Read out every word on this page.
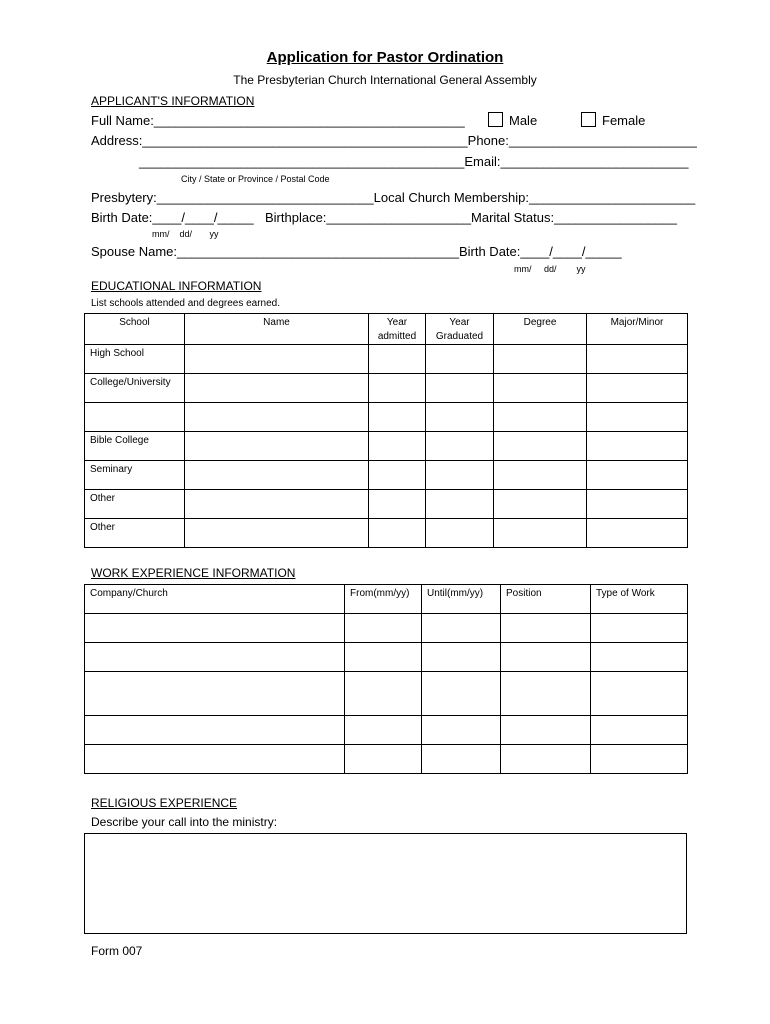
Application for Pastor Ordination
The Presbyterian Church International General Assembly
APPLICANT'S INFORMATION
Full Name:___________________________________________	Male	Female
Address:_____________________________________________Phone:__________________________
_____________________________________________Email:__________________________
City / State or Province / Postal Code
Presbytery:______________________________Local Church Membership:_______________________
Birth Date:____/____/_____ Birthplace:____________________Marital Status:_________________
mm/    dd/       yy
Spouse Name:_______________________________________Birth Date:____/____/_____
mm/     dd/        yy
EDUCATIONAL INFORMATION
List schools attended and degrees earned.
School	Name	Year admitted	Year Graduated	Degree	Major/Minor
High School					
College/University					

Bible College					
Seminary					
Other					
Other					
WORK EXPERIENCE INFORMATION
Company/Church	From(mm/yy)	Until(mm/yy)	Position	Type of Work

RELIGIOUS EXPERIENCE
Describe your call into the ministry:
Form 007
